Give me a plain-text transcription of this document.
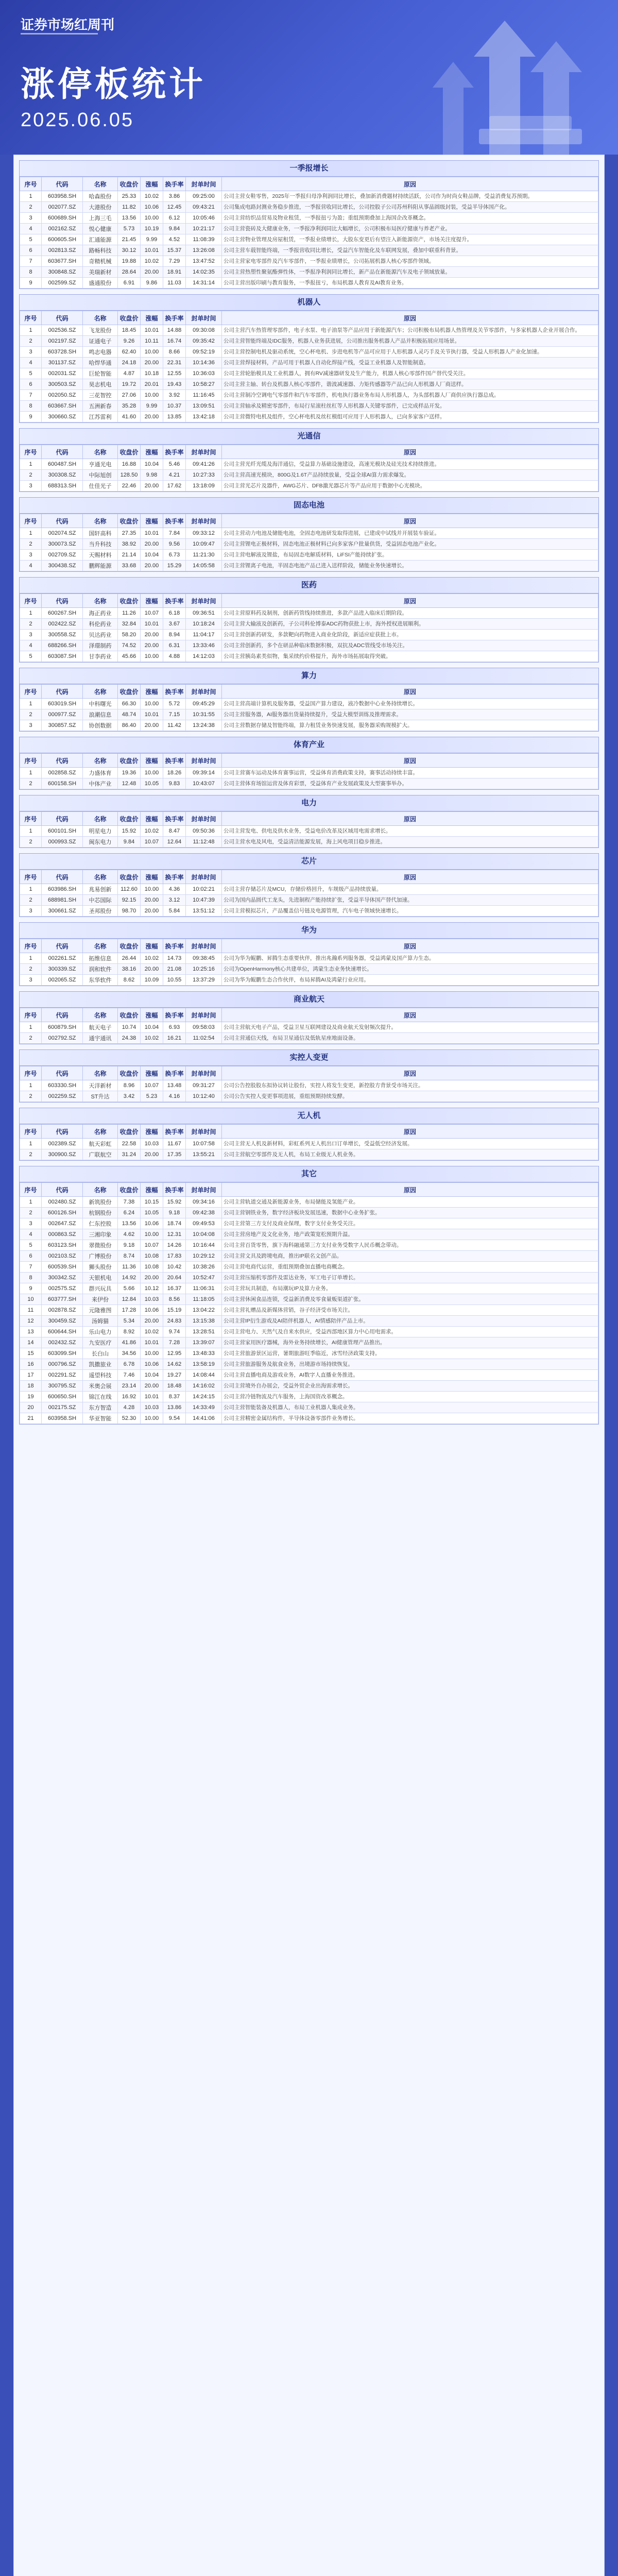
证券市场红周刊
涨停板统计
2025.06.05
一季报增长
序号	代码	名称	收盘价	涨幅	换手率	封单时间	原因
1	603958.SH	哈森股份	25.33	10.02	3.86	09:25:00	公司主营女鞋零售，2025年一季报归母净利润同比增长，叠加新消费题材持续活跃，公司作为时尚女鞋品牌，受益消费复苏预期。
2	002077.SZ	大港股份	11.82	10.06	12.45	09:43:21	公司集成电路封测业务稳步推进，一季报营收同比增长，公司控股子公司苏州科阳从事晶圆级封装，受益半导体国产化。
3	600689.SH	上海三毛	13.56	10.00	6.12	10:05:46	公司主营纺织品贸易及物业租赁，一季报扭亏为盈；重组预期叠加上海国企改革概念。
4	002162.SZ	悦心健康	5.73	10.19	9.84	10:21:17	公司主营瓷砖及大健康业务，一季报净利润同比大幅增长，公司积极布局医疗健康与养老产业。
5	600605.SH	汇通能源	21.45	9.99	4.52	11:08:39	公司主营物业管理及房屋租赁，一季报业绩增长，大股东变更后有望注入新能源资产，市场关注度提升。
6	002813.SZ	路畅科技	30.12	10.01	15.37	13:26:08	公司主营车载智能终端，一季报营收同比增长，受益汽车智能化及车联网发展，叠加中联重科背景。
7	603677.SH	奇精机械	19.88	10.02	7.29	13:47:52	公司主营家电零部件及汽车零部件，一季报业绩增长，公司拓展机器人核心零部件领域。
8	300848.SZ	美瑞新材	28.64	20.00	18.91	14:02:35	公司主营热塑性聚氨酯弹性体，一季报净利润同比增长，新产品在新能源汽车及电子领域放量。
9	002599.SZ	盛通股份	6.91	9.86	11.03	14:31:14	公司主营出版印刷与教育服务，一季报扭亏，布局机器人教育及AI教育业务。
机器人
序号	代码	名称	收盘价	涨幅	换手率	封单时间	原因
1	002536.SZ	飞龙股份	18.45	10.01	14.88	09:30:08	公司主营汽车热管理零部件，电子水泵、电子油泵等产品应用于新能源汽车；公司积极布局机器人热管理及关节零部件，与多家机器人企业开展合作。
2	002197.SZ	证通电子	9.26	10.11	16.74	09:35:42	公司主营智能终端及IDC服务，机器人业务获进展，公司推出服务机器人产品并积极拓展应用场景。
3	603728.SH	鸣志电器	62.40	10.00	8.66	09:52:19	公司主营控制电机及驱动系统，空心杯电机、步进电机等产品可应用于人形机器人灵巧手及关节执行器，受益人形机器人产业化加速。
4	301137.SZ	哈焊华通	24.18	20.00	22.31	10:14:36	公司主营焊接材料，产品可用于机器人自动化焊接产线，受益工业机器人及智能制造。
5	002031.SZ	巨轮智能	4.87	10.18	12.55	10:36:03	公司主营轮胎模具及工业机器人，拥有RV减速器研发及生产能力，机器人核心零部件国产替代受关注。
6	300503.SZ	昊志机电	19.72	20.01	19.43	10:58:27	公司主营主轴、转台及机器人核心零部件，谐波减速器、力矩传感器等产品已向人形机器人厂商送样。
7	002050.SZ	三花智控	27.06	10.00	3.92	11:16:45	公司主营制冷空调电气零部件和汽车零部件，机电执行器业务布局人形机器人，为头部机器人厂商供应执行器总成。
8	603667.SH	五洲新春	35.28	9.99	10.37	13:09:51	公司主营轴承及精密零部件，布局行星滚柱丝杠等人形机器人关键零部件，已完成样品开发。
9	300660.SZ	江苏雷利	41.60	20.00	13.85	13:42:18	公司主营微特电机及组件，空心杯电机及丝杠模组可应用于人形机器人，已向多家客户送样。
光通信
序号	代码	名称	收盘价	涨幅	换手率	封单时间	原因
1	600487.SH	亨通光电	16.88	10.04	5.46	09:41:26	公司主营光纤光缆及海洋通信，受益算力基础设施建设，高速光模块及硅光技术持续推进。
2	300308.SZ	中际旭创	128.50	9.98	4.21	10:27:33	公司主营高速光模块，800G及1.6T产品持续放量，受益全球AI算力需求爆发。
3	688313.SH	仕佳光子	22.46	20.00	17.62	13:18:09	公司主营光芯片及器件，AWG芯片、DFB激光器芯片等产品应用于数据中心光模块。
固态电池
序号	代码	名称	收盘价	涨幅	换手率	封单时间	原因
1	002074.SZ	国轩高科	27.35	10.01	7.84	09:33:12	公司主营动力电池及储能电池，全固态电池研发取得进展，已建成中试线并开展装车验证。
2	300073.SZ	当升科技	38.92	20.00	9.56	10:09:47	公司主营锂电正极材料，固态电池正极材料已向多家客户批量供货，受益固态电池产业化。
3	002709.SZ	天赐材料	21.14	10.04	6.73	11:21:30	公司主营电解液及锂盐，布局固态电解质材料，LiFSI产能持续扩张。
4	300438.SZ	鹏辉能源	33.68	20.00	15.29	14:05:58	公司主营锂离子电池，半固态电池产品已进入送样阶段，储能业务快速增长。
医药
序号	代码	名称	收盘价	涨幅	换手率	封单时间	原因
1	600267.SH	海正药业	11.26	10.07	6.18	09:36:51	公司主营原料药及制剂，创新药管线持续推进，多款产品进入临床后期阶段。
2	002422.SZ	科伦药业	32.84	10.01	3.67	10:18:24	公司主营大输液及创新药，子公司科伦博泰ADC药物获批上市，海外授权进展顺利。
3	300558.SZ	贝达药业	58.20	20.00	8.94	11:04:17	公司主营创新药研发，多款靶向药物进入商业化阶段，新适应症获批上市。
4	688266.SH	泽璟制药	74.52	20.00	6.31	13:33:46	公司主营创新药，多个在研品种临床数据积极，双抗及ADC管线受市场关注。
5	603087.SH	甘李药业	45.66	10.00	4.88	14:12:03	公司主营胰岛素类似物，集采续约价格提升，海外市场拓展取得突破。
算力
序号	代码	名称	收盘价	涨幅	换手率	封单时间	原因
1	603019.SH	中科曙光	66.30	10.00	5.72	09:45:29	公司主营高端计算机及服务器，受益国产算力建设，液冷数据中心业务持续增长。
2	000977.SZ	浪潮信息	48.74	10.01	7.15	10:31:55	公司主营服务器，AI服务器出货量持续提升，受益大模型训练及推理需求。
3	300857.SZ	协创数据	86.40	20.00	11.42	13:24:38	公司主营数据存储及智能终端，算力租赁业务快速发展，服务器采购规模扩大。
体育产业
序号	代码	名称	收盘价	涨幅	换手率	封单时间	原因
1	002858.SZ	力盛体育	19.36	10.00	18.26	09:39:14	公司主营赛车运动及体育赛事运营，受益体育消费政策支持，赛事活动持续丰富。
2	600158.SH	中体产业	12.48	10.05	9.83	10:43:07	公司主营体育场馆运营及体育彩票，受益体育产业发展政策及大型赛事举办。
电力
序号	代码	名称	收盘价	涨幅	换手率	封单时间	原因
1	600101.SH	明星电力	15.92	10.02	8.47	09:50:36	公司主营发电、供电及供水业务，受益电价改革及区域用电需求增长。
2	000993.SZ	闽东电力	9.84	10.07	12.64	11:12:48	公司主营水电及风电，受益清洁能源发展，海上风电项目稳步推进。
芯片
序号	代码	名称	收盘价	涨幅	换手率	封单时间	原因
1	603986.SH	兆易创新	112.60	10.00	4.36	10:02:21	公司主营存储芯片及MCU，存储价格回升，车规级产品持续放量。
2	688981.SH	中芯国际	92.15	20.00	3.12	10:47:39	公司为国内晶圆代工龙头，先进制程产能持续扩张，受益半导体国产替代加速。
3	300661.SZ	圣邦股份	98.70	20.00	5.84	13:51:12	公司主营模拟芯片，产品覆盖信号链及电源管理，汽车电子领域快速增长。
华为
序号	代码	名称	收盘价	涨幅	换手率	封单时间	原因
1	002261.SZ	拓维信息	26.44	10.02	14.73	09:38:45	公司为华为鲲鹏、昇腾生态重要伙伴，推出兆瀚系列服务器，受益鸿蒙及国产算力生态。
2	300339.SZ	润和软件	38.16	20.00	21.08	10:25:16	公司为OpenHarmony核心共建单位，鸿蒙生态业务快速增长。
3	002065.SZ	东华软件	8.62	10.09	10.55	13:37:29	公司为华为鲲鹏生态合作伙伴，布局昇腾AI及鸿蒙行业应用。
商业航天
序号	代码	名称	收盘价	涨幅	换手率	封单时间	原因
1	600879.SH	航天电子	10.74	10.04	6.93	09:58:03	公司主营航天电子产品，受益卫星互联网建设及商业航天发射频次提升。
2	002792.SZ	通宇通讯	24.38	10.02	16.21	11:02:54	公司主营通信天线，布局卫星通信及低轨星座地面设备。
实控人变更
序号	代码	名称	收盘价	涨幅	换手率	封单时间	原因
1	603330.SH	天洋新材	8.96	10.07	13.48	09:31:27	公司公告控股股东拟协议转让股份，实控人将发生变更，新控股方背景受市场关注。
2	002259.SZ	ST升达	3.42	5.23	4.16	10:12:40	公司公告实控人变更事项进展，重组预期持续发酵。
无人机
序号	代码	名称	收盘价	涨幅	换手率	封单时间	原因
1	002389.SZ	航天彩虹	22.58	10.03	11.67	10:07:58	公司主营无人机及新材料，彩虹系列无人机出口订单增长，受益低空经济发展。
2	300900.SZ	广联航空	31.24	20.00	17.35	13:55:21	公司主营航空零部件及无人机，布局工业级无人机业务。
其它
序号	代码	名称	收盘价	涨幅	换手率	封单时间	原因
1	002480.SZ	新筑股份	7.38	10.15	15.92	09:34:16	公司主营轨道交通及新能源业务，布局储能及氢能产业。
2	600126.SH	杭钢股份	6.24	10.05	9.18	09:42:38	公司主营钢铁业务，数字经济板块发展迅速，数据中心业务扩张。
3	002647.SZ	仁东控股	13.56	10.06	18.74	09:49:53	公司主营第三方支付及商业保理，数字支付业务受关注。
4	000863.SZ	三湘印象	4.62	10.00	12.31	10:04:08	公司主营房地产及文化业务，地产政策宽松预期升温。
5	603123.SH	翠微股份	9.18	10.07	14.26	10:16:44	公司主营百货零售，旗下海科融通第三方支付业务受数字人民币概念带动。
6	002103.SZ	广博股份	8.74	10.08	17.83	10:29:12	公司主营文具及跨境电商，推出IP联名文创产品。
7	600539.SH	狮头股份	11.36	10.08	10.42	10:38:26	公司主营电商代运营，重组预期叠加直播电商概念。
8	300342.SZ	天银机电	14.92	20.00	20.64	10:52:47	公司主营压缩机零部件及雷达业务，军工电子订单增长。
9	002575.SZ	群兴玩具	5.66	10.12	16.37	11:06:31	公司主营玩具制造，布局潮玩IP及算力业务。
10	603777.SH	来伊份	12.84	10.03	8.56	11:18:05	公司主营休闲食品连锁，受益新消费及零食量贩渠道扩张。
11	002878.SZ	元隆雅图	17.28	10.06	15.19	13:04:22	公司主营礼赠品及新媒体营销，谷子经济受市场关注。
12	300459.SZ	汤姆猫	5.34	20.00	24.83	13:15:38	公司主营IP衍生游戏及AI陪伴机器人，AI情感陪伴产品上市。
13	600644.SH	乐山电力	8.92	10.02	9.74	13:28:51	公司主营电力、天然气及自来水供应，受益西部地区算力中心用电需求。
14	002432.SZ	九安医疗	41.86	10.01	7.28	13:39:07	公司主营家用医疗器械，海外业务持续增长，AI健康管理产品推出。
15	603099.SH	长白山	34.56	10.00	12.95	13:48:33	公司主营旅游景区运营，暑期旅游旺季临近，冰雪经济政策支持。
16	000796.SZ	凯撒旅业	6.78	10.06	14.62	13:58:19	公司主营旅游服务及航食业务，出境游市场持续恢复。
17	002291.SZ	遥望科技	7.46	10.04	19.27	14:08:44	公司主营直播电商及游戏业务，AI数字人直播业务推进。
18	300795.SZ	米奥会展	23.14	20.00	18.48	14:16:02	公司主营境外自办展会，受益外贸企业出海需求增长。
19	600650.SH	锦江在线	16.92	10.01	8.37	14:24:15	公司主营冷链物流及汽车服务，上海国资改革概念。
20	002175.SZ	东方智造	4.28	10.03	13.86	14:33:49	公司主营智能装备及机器人，布局工业机器人集成业务。
21	603958.SH	华亚智能	52.30	10.00	9.54	14:41:06	公司主营精密金属结构件，半导体设备零部件业务增长。
